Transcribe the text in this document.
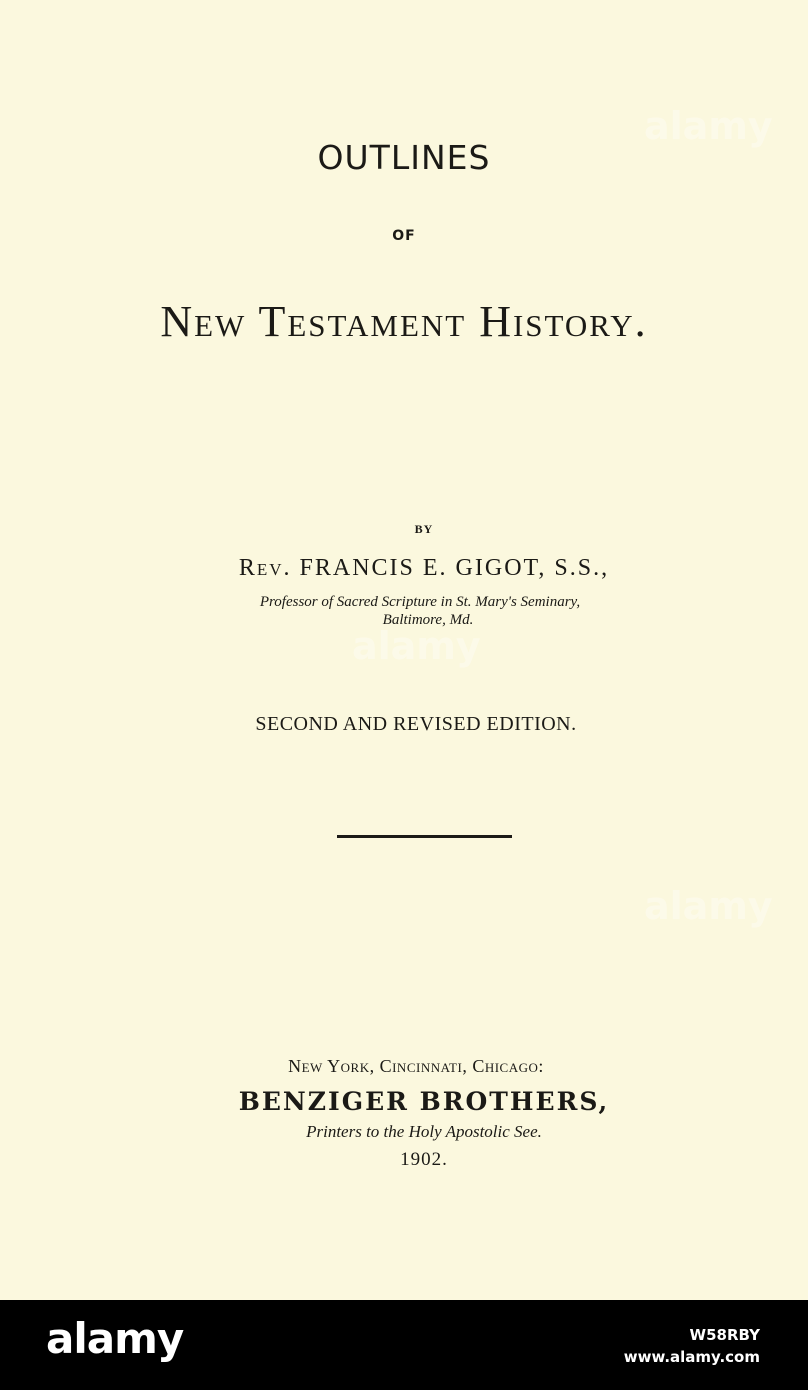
OUTLINES
OF
New Testament History.
BY
Rev. FRANCIS E. GIGOT, S.S.,
Professor of Sacred Scripture in St. Mary's Seminary,
Baltimore, Md.
SECOND AND REVISED EDITION.
New York, Cincinnati, Chicago:
BENZIGER BROTHERS,
Printers to the Holy Apostolic See.
1902.
alamy
alamy
alamy
alamy	W58RBY
www.alamy.com
